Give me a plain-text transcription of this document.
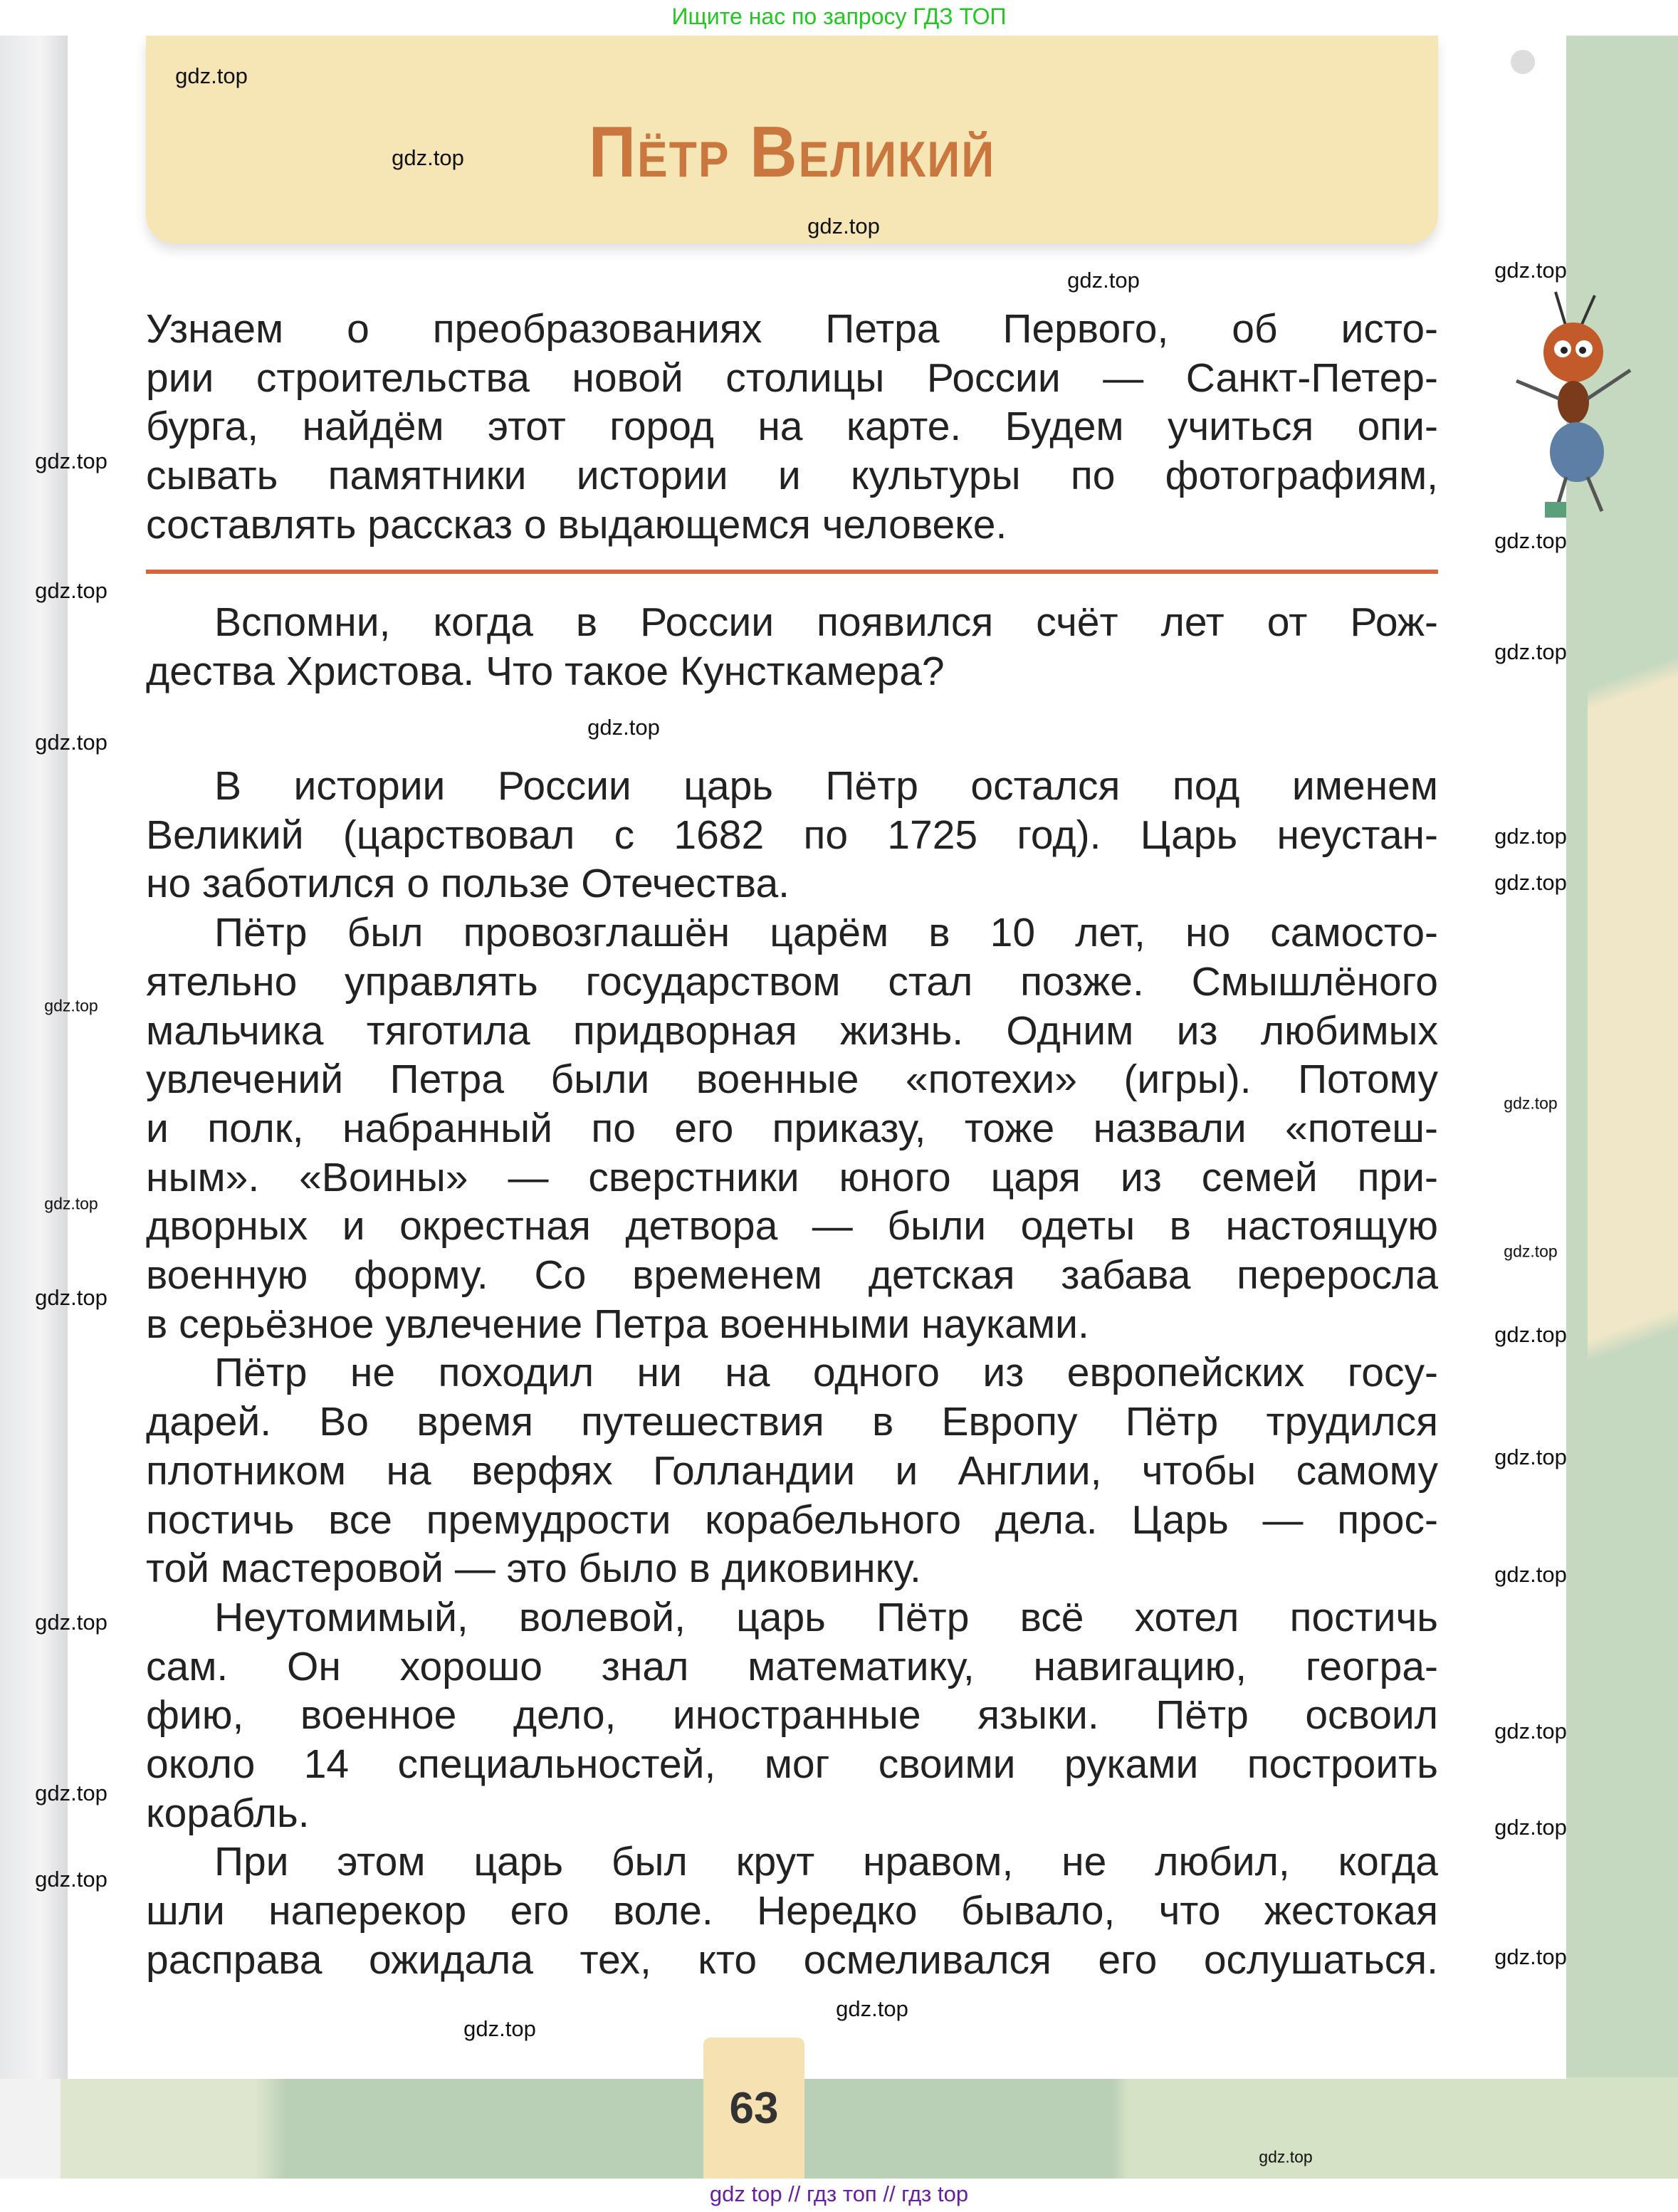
Ищите нас по запросу ГДЗ ТОП
Пётр Великий
Узнаем о преобразованиях Петра Первого, об исто-
рии строительства новой столицы России — Санкт-Петер-
бурга, найдём этот город на карте. Будем учиться опи-
сывать памятники истории и культуры по фотографиям,
составлять рассказ о выдающемся человеке.
Вспомни, когда в России появился счёт лет от Рож-
дества Христова. Что такое Кунсткамера?
В истории России царь Пётр остался под именем
Великий (царствовал с 1682 по 1725 год). Царь неустан-
но заботился о пользе Отечества.
Пётр был провозглашён царём в 10 лет, но самосто-
ятельно управлять государством стал позже. Смышлёного
мальчика тяготила придворная жизнь. Одним из любимых
увлечений Петра были военные «потехи» (игры). Потому
и полк, набранный по его приказу, тоже назвали «потеш-
ным». «Воины» — сверстники юного царя из семей при-
дворных и окрестная детвора — были одеты в настоящую
военную форму. Со временем детская забава переросла
в серьёзное увлечение Петра военными науками.
Пётр не походил ни на одного из европейских госу-
дарей. Во время путешествия в Европу Пётр трудился
плотником на верфях Голландии и Англии, чтобы самому
постичь все премудрости корабельного дела. Царь — прос-
той мастеровой — это было в диковинку.
Неутомимый, волевой, царь Пётр всё хотел постичь
сам. Он хорошо знал математику, навигацию, геогра-
фию, военное дело, иностранные языки. Пётр освоил
около 14 специальностей, мог своими руками построить
корабль.
При этом царь был крут нравом, не любил, когда
шли наперекор его воле. Нередко бывало, что жестокая
расправа ожидала тех, кто осмеливался его ослушаться.
63
gdz top // гдз топ // гдз top
gdz.top
gdz.top
gdz.top
gdz.top	gdz.top
gdz.top
gdz.top
gdz.top
gdz.top
gdz.top
gdz.top
gdz.top
gdz.top
gdz.top
gdz.top
gdz.top
gdz.top
gdz.top
gdz.top
gdz.top
gdz.top
gdz.top
gdz.top
gdz.top
gdz.top
gdz.top
gdz.top
gdz.top
gdz.top
gdz.top
